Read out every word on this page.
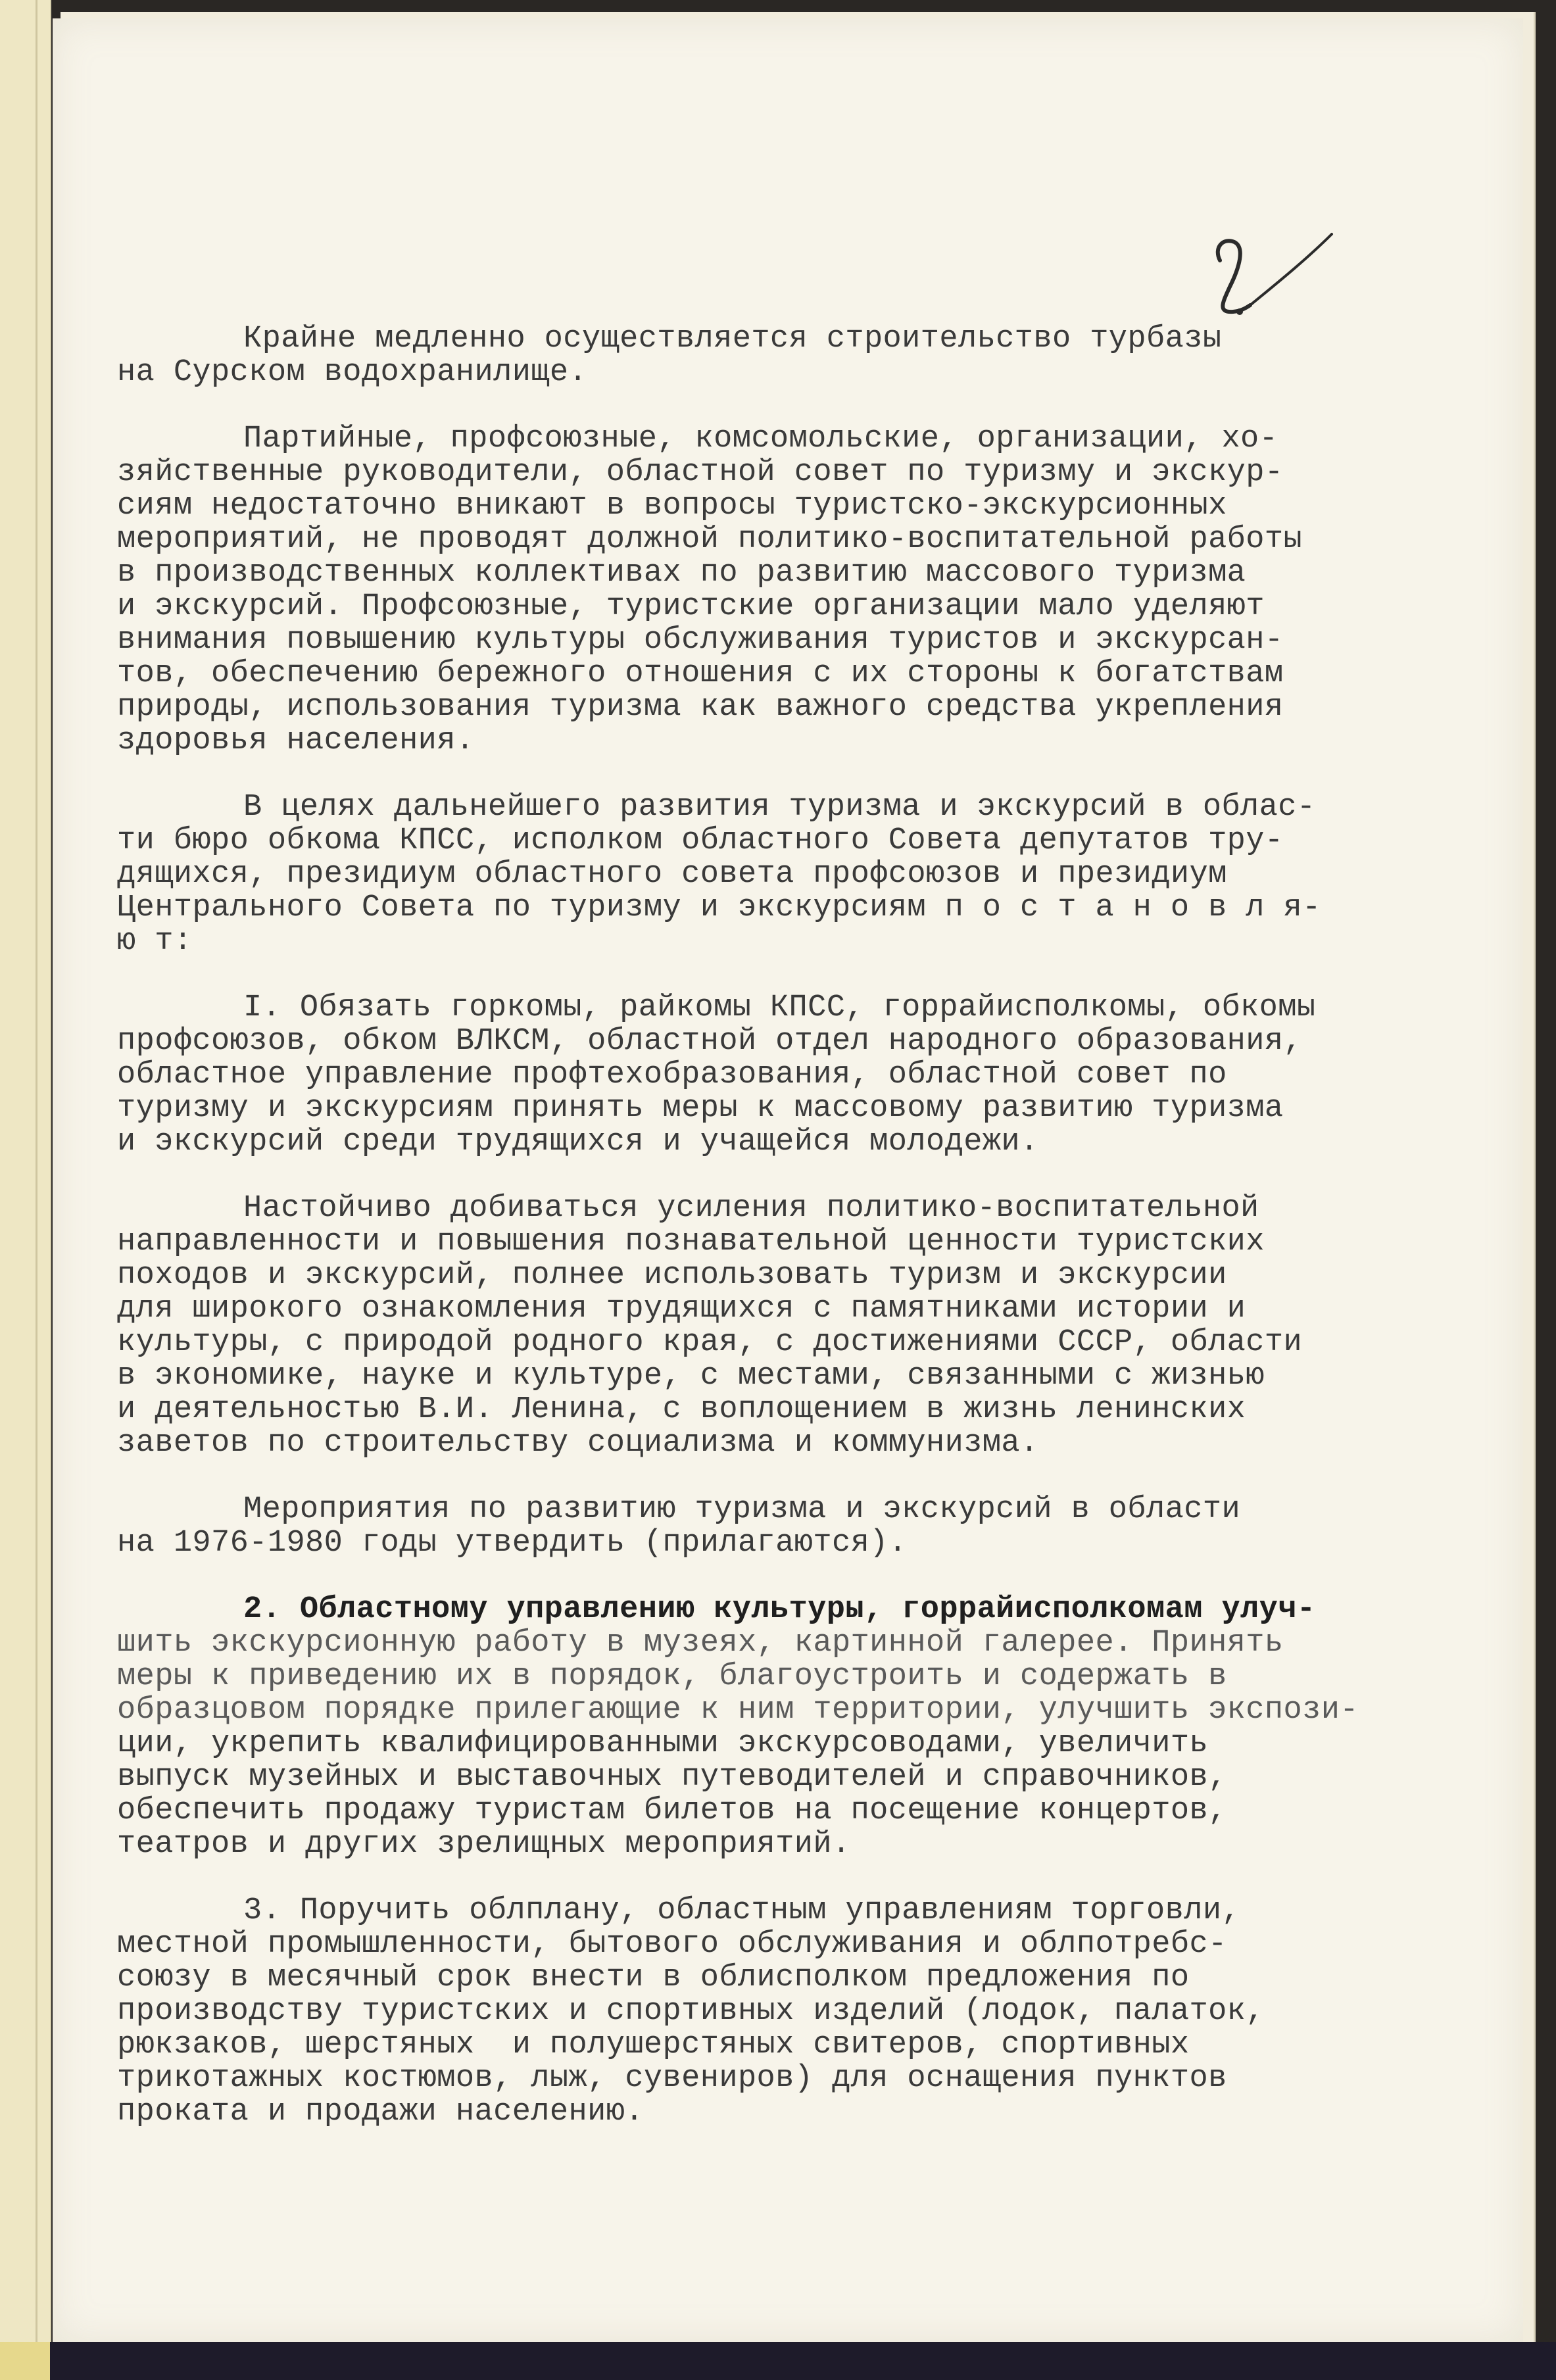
Крайне медленно осуществляется строительство турбазы
на Сурском водохранилище.
Партийные, профсоюзные, комсомольские, организации, хо-
зяйственные руководители, областной совет по туризму и экскур-
сиям недостаточно вникают в вопросы туристско-экскурсионных
мероприятий, не проводят должной политико-воспитательной работы
в производственных коллективах по развитию массового туризма
и экскурсий. Профсоюзные, туристские организации мало уделяют
внимания повышению культуры обслуживания туристов и экскурсан-
тов, обеспечению бережного отношения с их стороны к богатствам
природы, использования туризма как важного средства укрепления
здоровья населения.
В целях дальнейшего развития туризма и экскурсий в облас-
ти бюро обкома КПСС, исполком областного Совета депутатов тру-
дящихся, президиум областного совета профсоюзов и президиум
Центрального Совета по туризму и экскурсиям п о с т а н о в л я-
ю т:
I. Обязать горкомы, райкомы КПСС, горрайисполкомы, обкомы
профсоюзов, обком ВЛКСМ, областной отдел народного образования,
областное управление профтехобразования, областной совет по
туризму и экскурсиям принять меры к массовому развитию туризма
и экскурсий среди трудящихся и учащейся молодежи.
Настойчиво добиваться усиления политико-воспитательной
направленности и повышения познавательной ценности туристских
походов и экскурсий, полнее использовать туризм и экскурсии
для широкого ознакомления трудящихся с памятниками истории и
культуры, с природой родного края, с достижениями СССР, области
в экономике, науке и культуре, с местами, связанными с жизнью
и деятельностью В.И. Ленина, с воплощением в жизнь ленинских
заветов по строительству социализма и коммунизма.
Мероприятия по развитию туризма и экскурсий в области
на 1976-1980 годы утвердить (прилагаются).
2. Областному управлению культуры, горрайисполкомам улуч-
шить экскурсионную работу в музеях, картинной галерее. Принять
меры к приведению их в порядок, благоустроить и содержать в
образцовом порядке прилегающие к ним территории, улучшить экспози-
ции, укрепить квалифицированными экскурсоводами, увеличить
выпуск музейных и выставочных путеводителей и справочников,
обеспечить продажу туристам билетов на посещение концертов,
театров и других зрелищных мероприятий.
3. Поручить облплану, областным управлениям торговли,
местной промышленности, бытового обслуживания и облпотребс-
союзу в месячный срок внести в облисполком предложения по
производству туристских и спортивных изделий (лодок, палаток,
рюкзаков, шерстяных  и полушерстяных свитеров, спортивных
трикотажных костюмов, лыж, сувениров) для оснащения пунктов
проката и продажи населению.
